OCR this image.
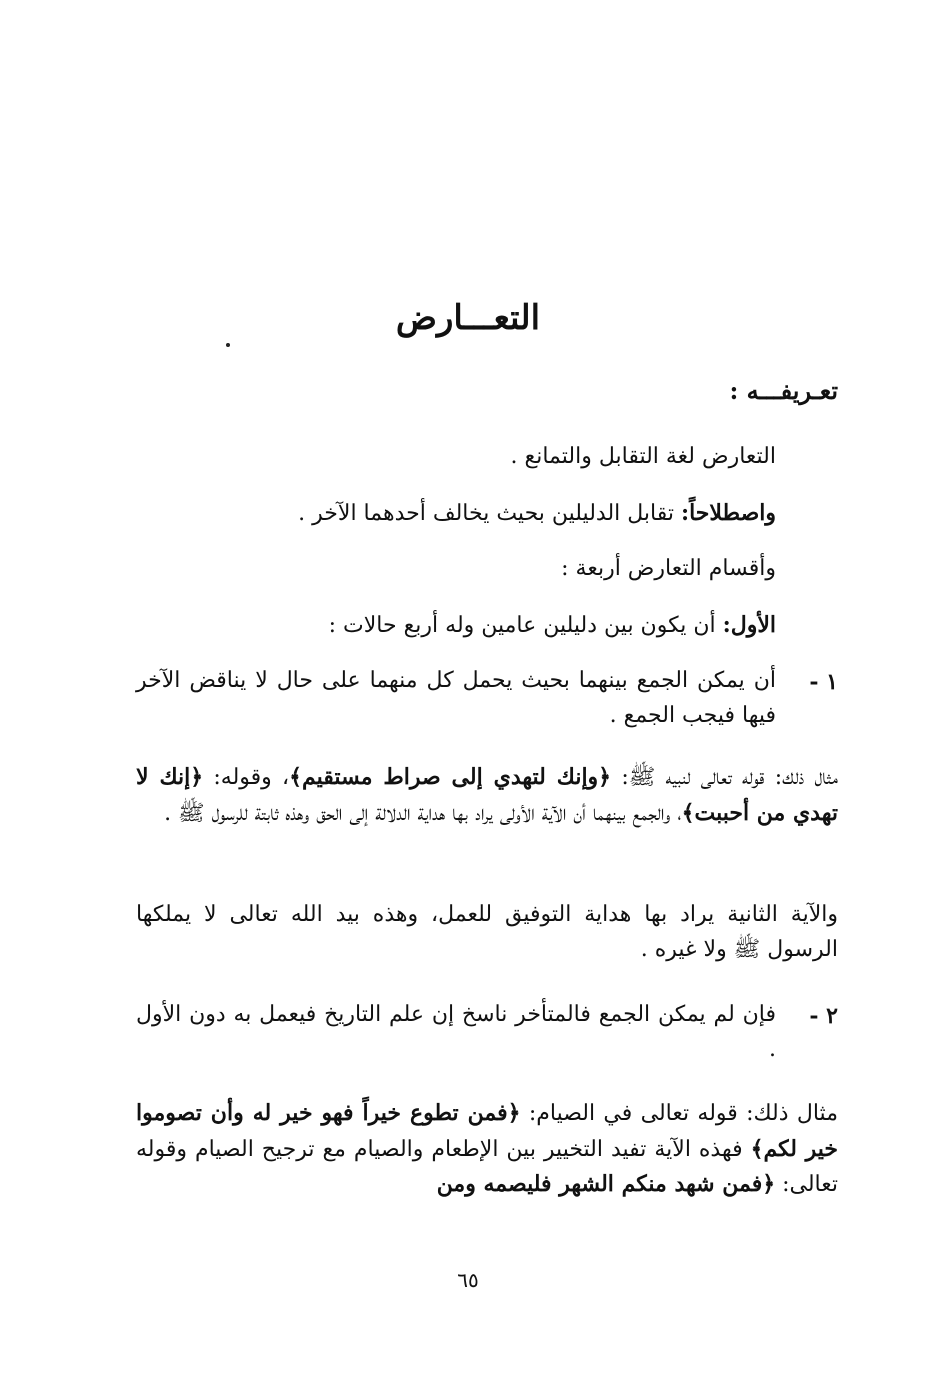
التعـــارض

تعـريفـــه :

التعارض لغة التقابل والتمانع .

واصطلاحاً: تقابل الدليلين بحيث يخالف أحدهما الآخر .

وأقسام التعارض أربعة :

الأول: أن يكون بين دليلين عامين وله أربع حالات :

١ -

أن يمكن الجمع بينهما بحيث يحمل كل منهما على حال لا يناقض الآخر فيها فيجب الجمع .

مثال ذلك: قوله تعالى لنبيه ﷺ: ﴿وإنك لتهدي إلى صراط مستقيم﴾، وقوله: ﴿إنك لا تهدي من أحببت﴾، والجمع بينهما أن الآية الأولى يراد بها هداية الدلالة إلى الحق وهذه ثابتة للرسول ﷺ .

والآية الثانية يراد بها هداية التوفيق للعمل، وهذه بيد الله تعالى لا يملكها الرسول ﷺ ولا غيره .

٢ -

فإن لم يمكن الجمع فالمتأخر ناسخ إن علم التاريخ فيعمل به دون الأول .

مثال ذلك: قوله تعالى في الصيام: ﴿فمن تطوع خيراً فهو خير له وأن تصوموا خير لكم﴾ فهذه الآية تفيد التخيير بين الإطعام والصيام مع ترجيح الصيام وقوله تعالى: ﴿فمن شهد منكم الشهر فليصمه ومن

٦٥
